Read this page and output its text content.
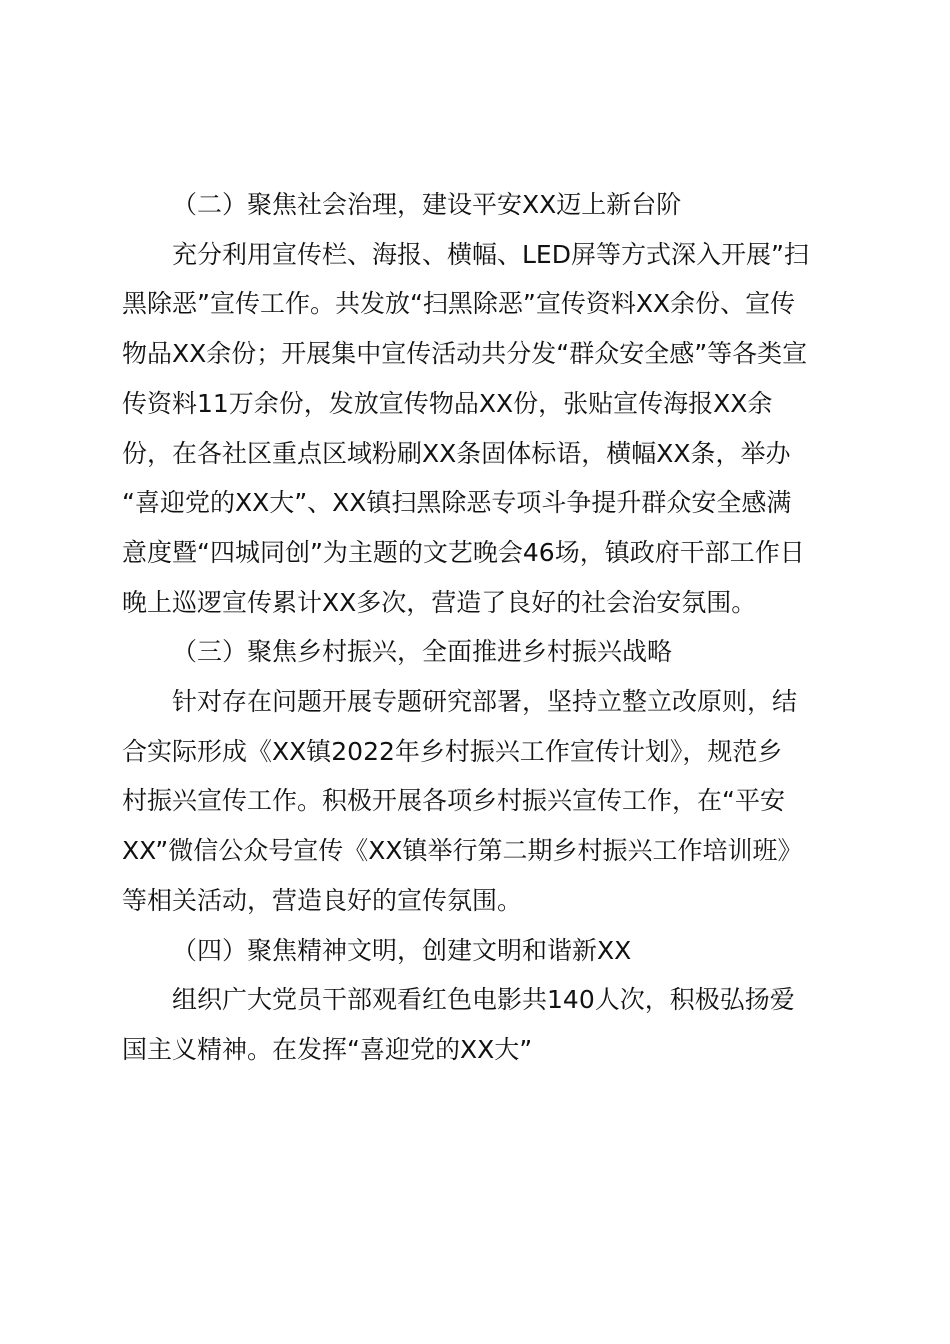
（二）聚焦社会治理，建设平安XX迈上新台阶
充分利用宣传栏、海报、横幅、LED屏等方式深入开展”扫
黑除恶”宣传工作。共发放“扫黑除恶”宣传资料XX余份、宣传
物品XX余份；开展集中宣传活动共分发“群众安全感”等各类宣
传资料11万余份，发放宣传物品XX份，张贴宣传海报XX余
份，在各社区重点区域粉刷XX条固体标语，横幅XX条，举办
“喜迎党的XX大”、XX镇扫黑除恶专项斗争提升群众安全感满
意度暨“四城同创”为主题的文艺晚会46场，镇政府干部工作日
晚上巡逻宣传累计XX多次，营造了良好的社会治安氛围。
（三）聚焦乡村振兴，全面推进乡村振兴战略
针对存在问题开展专题研究部署，坚持立整立改原则，结
合实际形成《XX镇2022年乡村振兴工作宣传计划》，规范乡
村振兴宣传工作。积极开展各项乡村振兴宣传工作，在“平安
XX”微信公众号宣传《XX镇举行第二期乡村振兴工作培训班》
等相关活动，营造良好的宣传氛围。
（四）聚焦精神文明，创建文明和谐新XX
组织广大党员干部观看红色电影共140人次，积极弘扬爱
国主义精神。在发挥“喜迎党的XX大”
